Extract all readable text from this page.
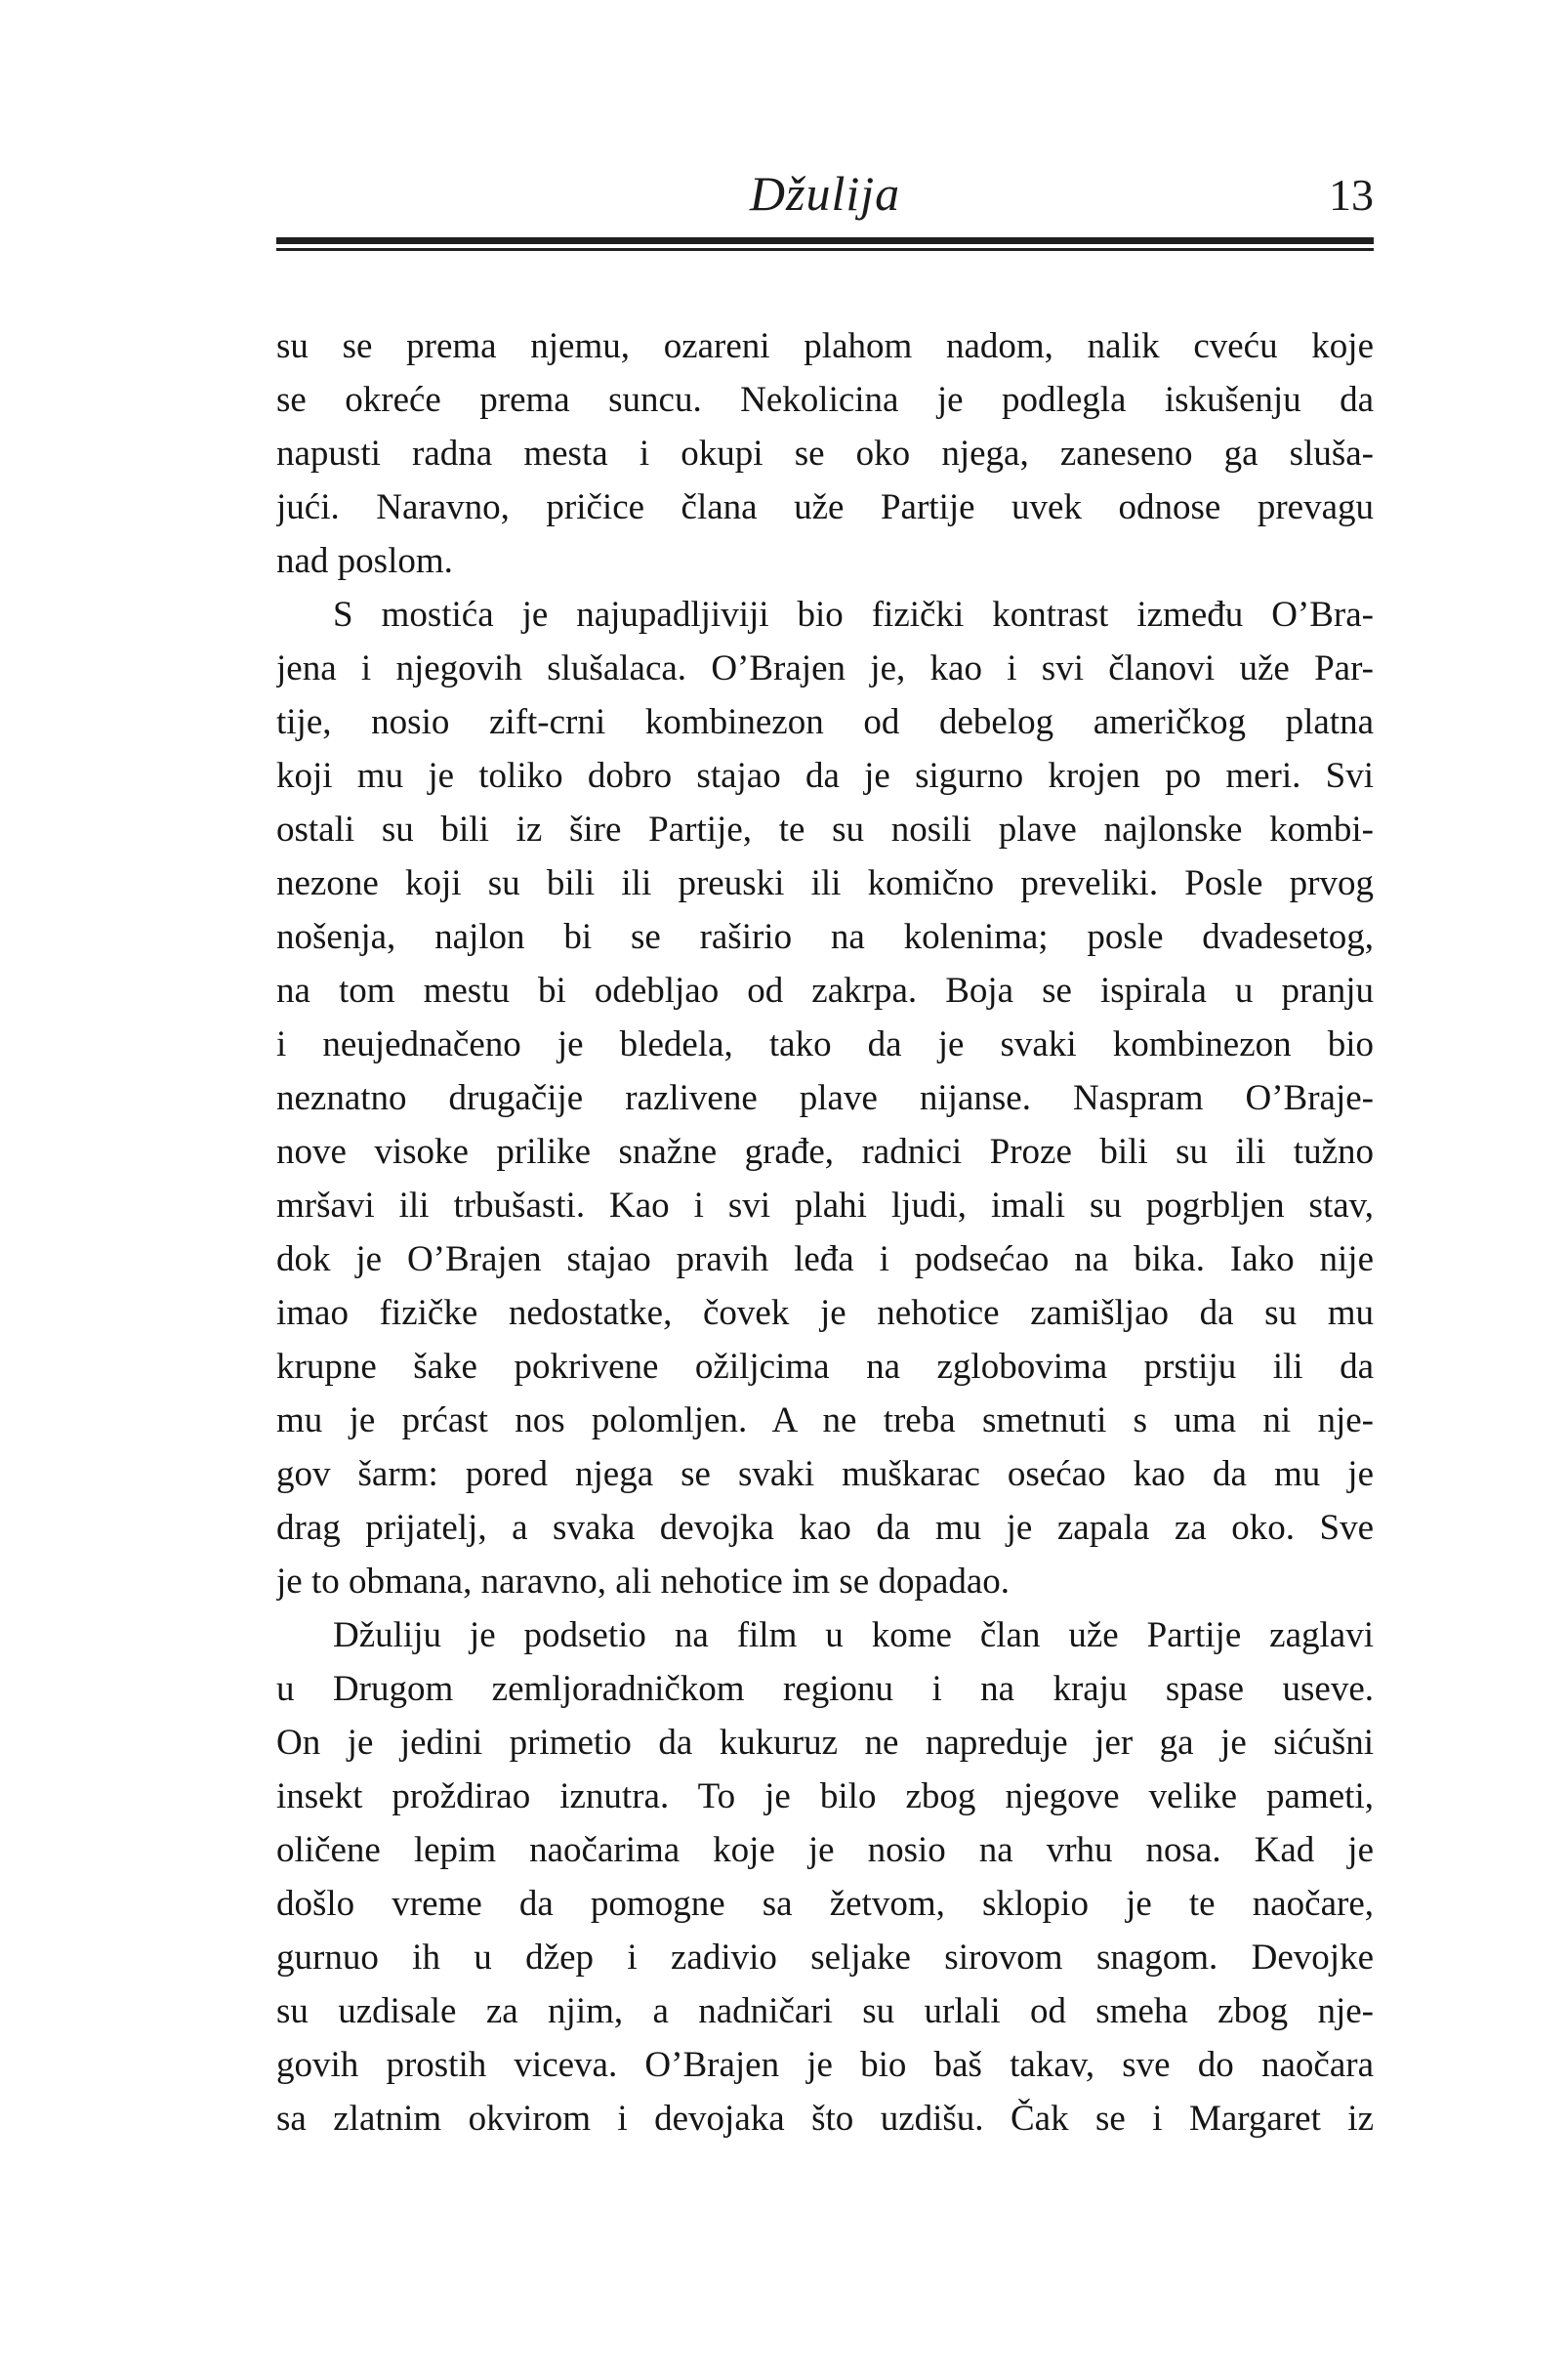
Džulija	13
su se prema njemu, ozareni plahom nadom, nalik cveću koje
se okreće prema suncu. Nekolicina je podlegla iskušenju da
napusti radna mesta i okupi se oko njega, zaneseno ga sluša-
jući. Naravno, pričice člana uže Partije uvek odnose prevagu
nad poslom.
S mostića je najupadljiviji bio fizički kontrast između O’Bra-
jena i njegovih slušalaca. O’Brajen je, kao i svi članovi uže Par-
tije, nosio zift-crni kombinezon od debelog američkog platna
koji mu je toliko dobro stajao da je sigurno krojen po meri. Svi
ostali su bili iz šire Partije, te su nosili plave najlonske kombi-
nezone koji su bili ili preuski ili komično preveliki. Posle prvog
nošenja, najlon bi se raširio na kolenima; posle dvadesetog,
na tom mestu bi odebljao od zakrpa. Boja se ispirala u pranju
i neujednačeno je bledela, tako da je svaki kombinezon bio
neznatno drugačije razlivene plave nijanse. Naspram O’Braje-
nove visoke prilike snažne građe, radnici Proze bili su ili tužno
mršavi ili trbušasti. Kao i svi plahi ljudi, imali su pogrbljen stav,
dok je O’Brajen stajao pravih leđa i podsećao na bika. Iako nije
imao fizičke nedostatke, čovek je nehotice zamišljao da su mu
krupne šake pokrivene ožiljcima na zglobovima prstiju ili da
mu je prćast nos polomljen. A ne treba smetnuti s uma ni nje-
gov šarm: pored njega se svaki muškarac osećao kao da mu je
drag prijatelj, a svaka devojka kao da mu je zapala za oko. Sve
je to obmana, naravno, ali nehotice im se dopadao.
Džuliju je podsetio na film u kome član uže Partije zaglavi
u Drugom zemljoradničkom regionu i na kraju spase useve.
On je jedini primetio da kukuruz ne napreduje jer ga je sićušni
insekt proždirao iznutra. To je bilo zbog njegove velike pameti,
oličene lepim naočarima koje je nosio na vrhu nosa. Kad je
došlo vreme da pomogne sa žetvom, sklopio je te naočare,
gurnuo ih u džep i zadivio seljake sirovom snagom. Devojke
su uzdisale za njim, a nadničari su urlali od smeha zbog nje-
govih prostih viceva. O’Brajen je bio baš takav, sve do naočara
sa zlatnim okvirom i devojaka što uzdišu. Čak se i Margaret iz
